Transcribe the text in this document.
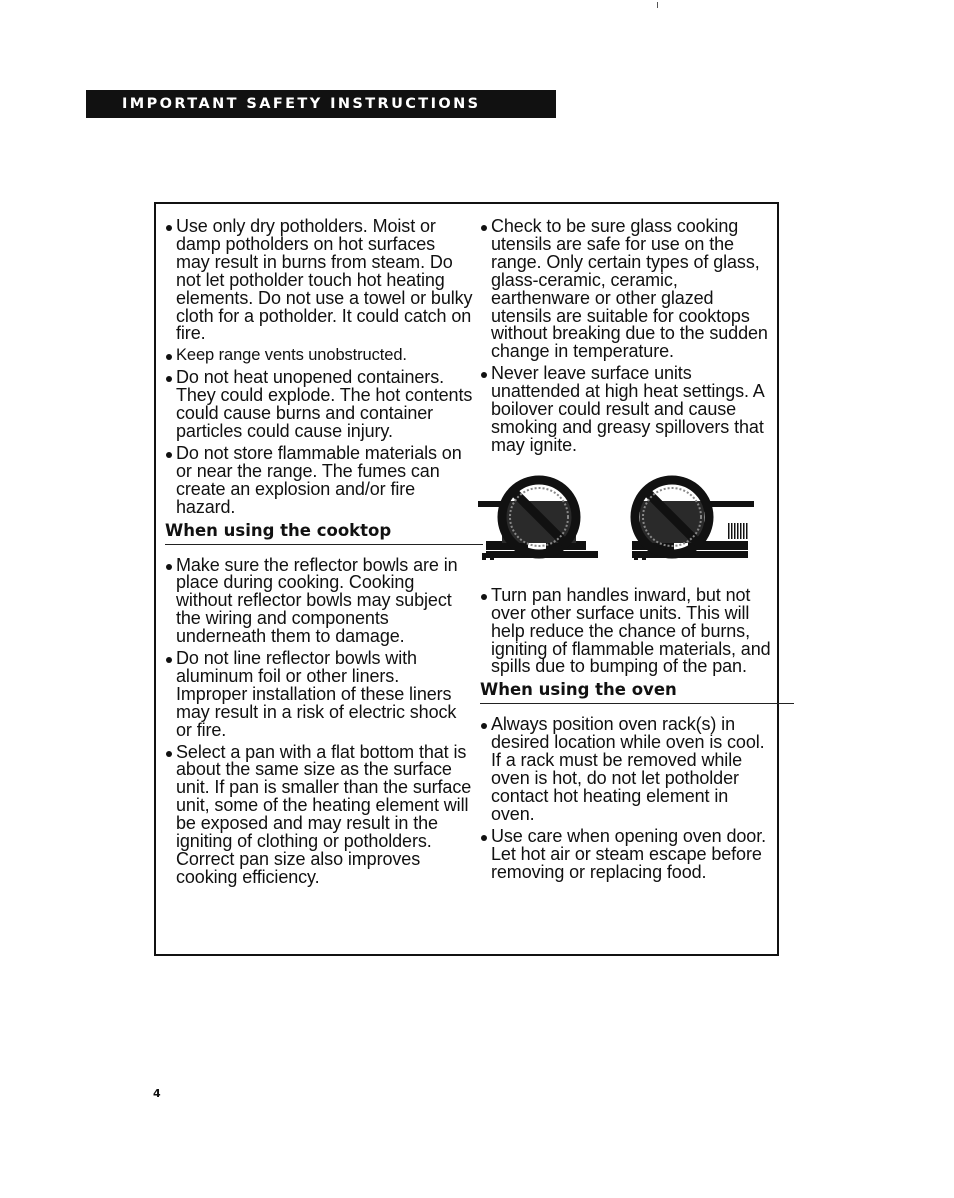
IMPORTANT SAFETY INSTRUCTIONS
Use only dry potholders. Moist or damp potholders on hot surfaces may result in burns from steam. Do not let potholder touch hot heating elements. Do not use a towel or bulky cloth for a potholder. It could catch on fire.
Keep range vents unobstructed.
Do not heat unopened containers. They could explode. The hot contents could cause burns and container particles could cause injury.
Do not store flammable materials on or near the range. The fumes can create an explosion and/or fire hazard.
When using the cooktop
Make sure the reflector bowls are in place during cooking. Cooking without reflector bowls may subject the wiring and components underneath them to damage.
Do not line reflector bowls with aluminum foil or other liners. Improper installation of these liners may result in a risk of electric shock or fire.
Select a pan with a flat bottom that is about the same size as the surface unit. If pan is smaller than the surface unit, some of the heating element will be exposed and may result in the igniting of clothing or potholders. Correct pan size also improves cooking efficiency.
Check to be sure glass cooking utensils are safe for use on the range. Only certain types of glass, glass-ceramic, ceramic, earthenware or other glazed utensils are suitable for cooktops without breaking due to the sudden change in temperature.
Never leave surface units unattended at high heat settings. A boilover could result and cause smoking and greasy spillovers that may ignite.
Turn pan handles inward, but not over other surface units. This will help reduce the chance of burns, igniting of flammable materials, and spills due to bumping of the pan.
When using the oven
Always position oven rack(s) in desired location while oven is cool. If a rack must be removed while oven is hot, do not let potholder contact hot heating element in oven.
Use care when opening oven door. Let hot air or steam escape before removing or replacing food.
4
